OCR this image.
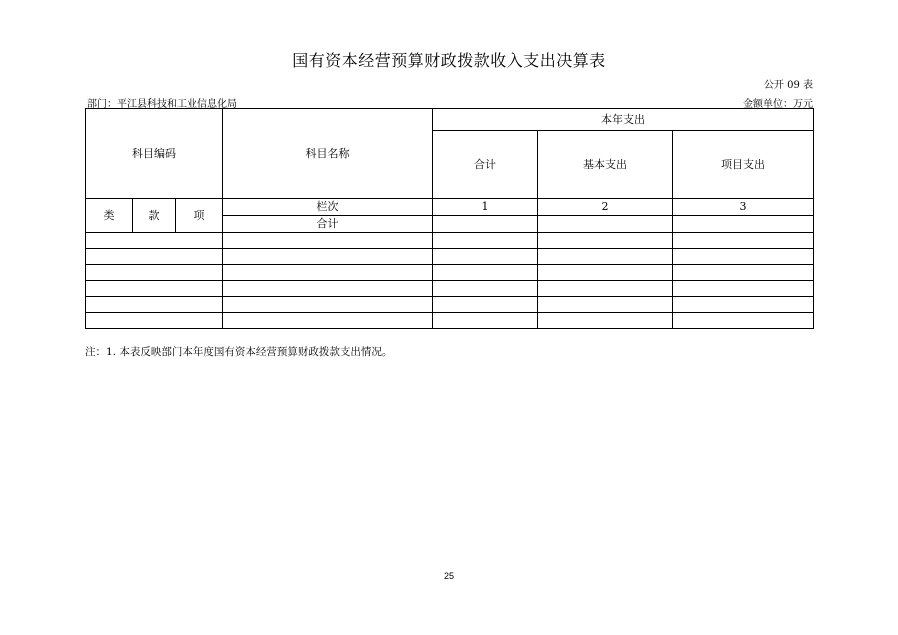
国有资本经营预算财政拨款收入支出决算表
公开 09 表
部门：平江县科技和工业信息化局	金额单位：万元
科目编码			科目名称	本年支出		
				合计	基本支出	项目支出
类	款	项	栏次	1	2	3
			合计			

注：1. 本表反映部门本年度国有资本经营预算财政拨款支出情况。
25
